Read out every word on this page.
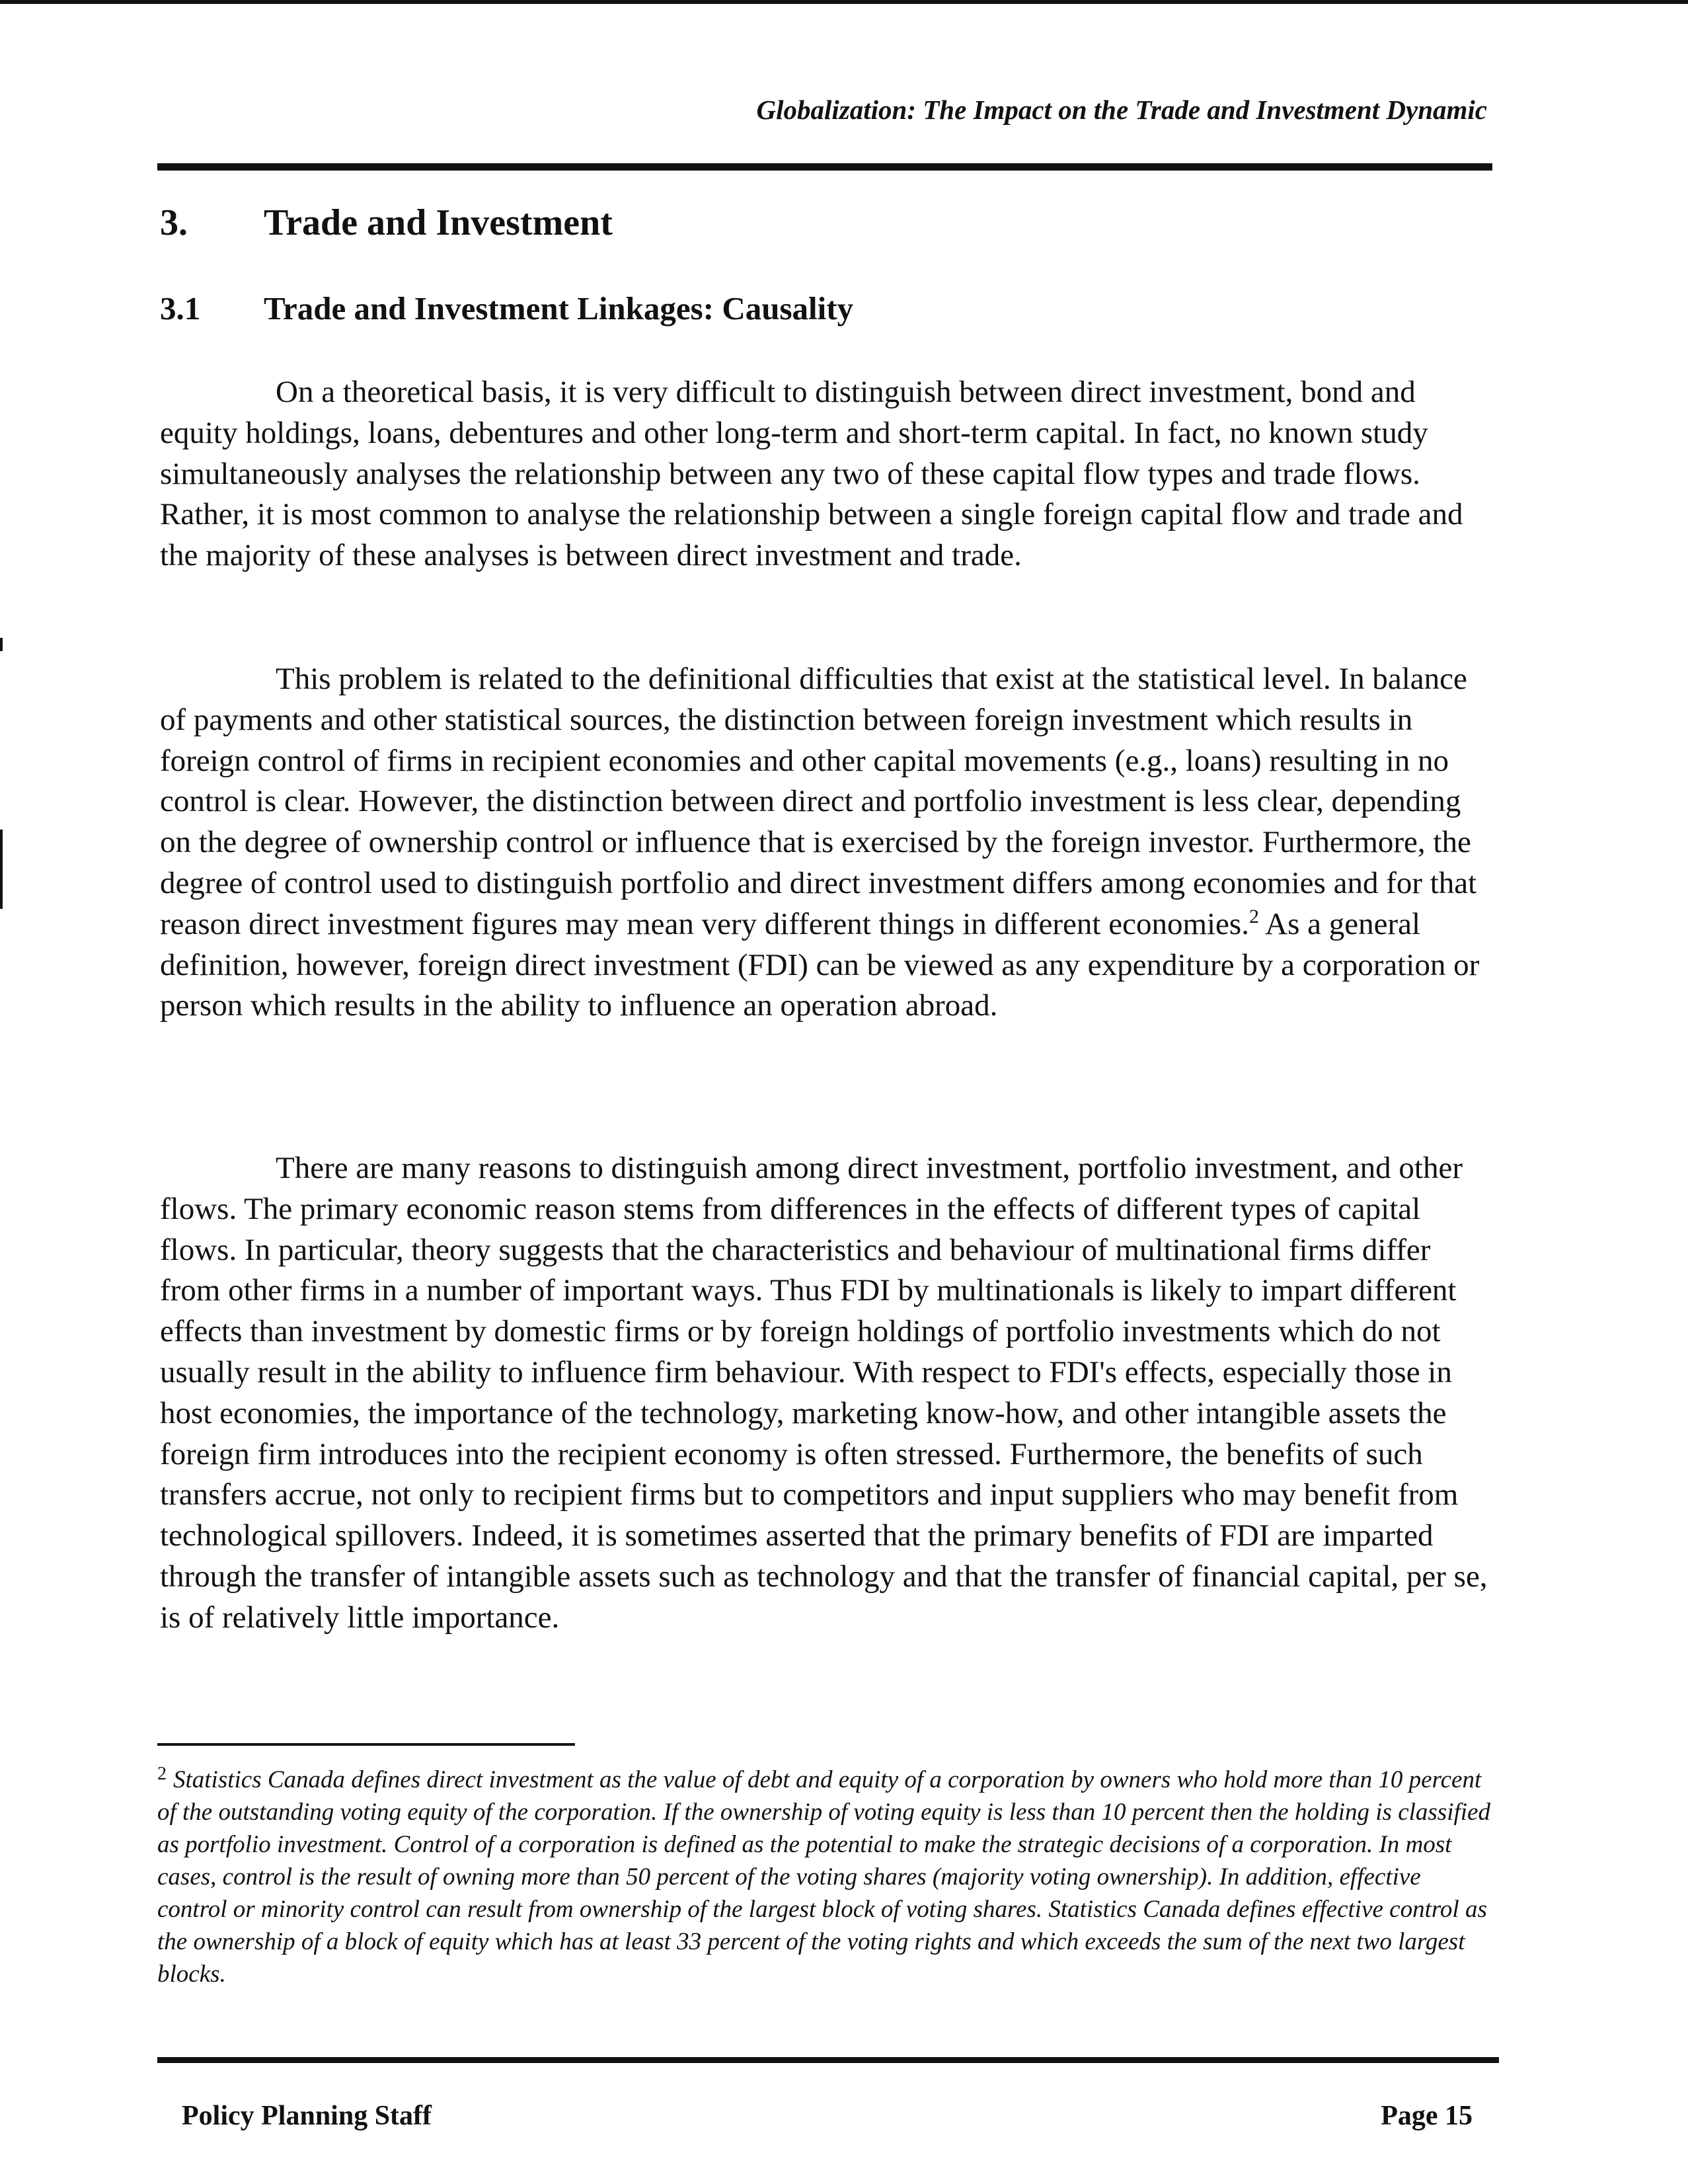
Globalization: The Impact on the Trade and Investment Dynamic
3. Trade and Investment
3.1 Trade and Investment Linkages: Causality

On a theoretical basis, it is very difficult to distinguish between direct investment, bond and equity holdings, loans, debentures and other long-term and short-term capital. In fact, no known study simultaneously analyses the relationship between any two of these capital flow types and trade flows. Rather, it is most common to analyse the relationship between a single foreign capital flow and trade and the majority of these analyses is between direct investment and trade.

This problem is related to the definitional difficulties that exist at the statistical level. In balance of payments and other statistical sources, the distinction between foreign investment which results in foreign control of firms in recipient economies and other capital movements (e.g., loans) resulting in no control is clear. However, the distinction between direct and portfolio investment is less clear, depending on the degree of ownership control or influence that is exercised by the foreign investor. Furthermore, the degree of control used to distinguish portfolio and direct investment differs among economies and for that reason direct investment figures may mean very different things in different economies.$^2$ As a general definition, however, foreign direct investment (FDI) can be viewed as any expenditure by a corporation or person which results in the ability to influence an operation abroad.

There are many reasons to distinguish among direct investment, portfolio investment, and other flows. The primary economic reason stems from differences in the effects of different types of capital flows. In particular, theory suggests that the characteristics and behaviour of multinational firms differ from other firms in a number of important ways. Thus FDI by multinationals is likely to impart different effects than investment by domestic firms or by foreign holdings of portfolio investments which do not usually result in the ability to influence firm behaviour. With respect to FDI's effects, especially those in host economies, the importance of the technology, marketing know-how, and other intangible assets the foreign firm introduces into the recipient economy is often stressed. Furthermore, the benefits of such transfers accrue, not only to recipient firms but to competitors and input suppliers who may benefit from technological spillovers. Indeed, it is sometimes asserted that the primary benefits of FDI are imparted through the transfer of intangible assets such as technology and that the transfer of financial capital, per se, is of relatively little importance.

$^2$ Statistics Canada defines direct investment as the value of debt and equity of a corporation by owners who hold more than 10 percent of the outstanding voting equity of the corporation. If the ownership of voting equity is less than 10 percent then the holding is classified as portfolio investment. Control of a corporation is defined as the potential to make the strategic decisions of a corporation. In most cases, control is the result of owning more than 50 percent of the voting shares (majority voting ownership). In addition, effective control or minority control can result from ownership of the largest block of voting shares. Statistics Canada defines effective control as the ownership of a block of equity which has at least 33 percent of the voting rights and which exceeds the sum of the next two largest blocks.
Policy Planning Staff	Page 15
